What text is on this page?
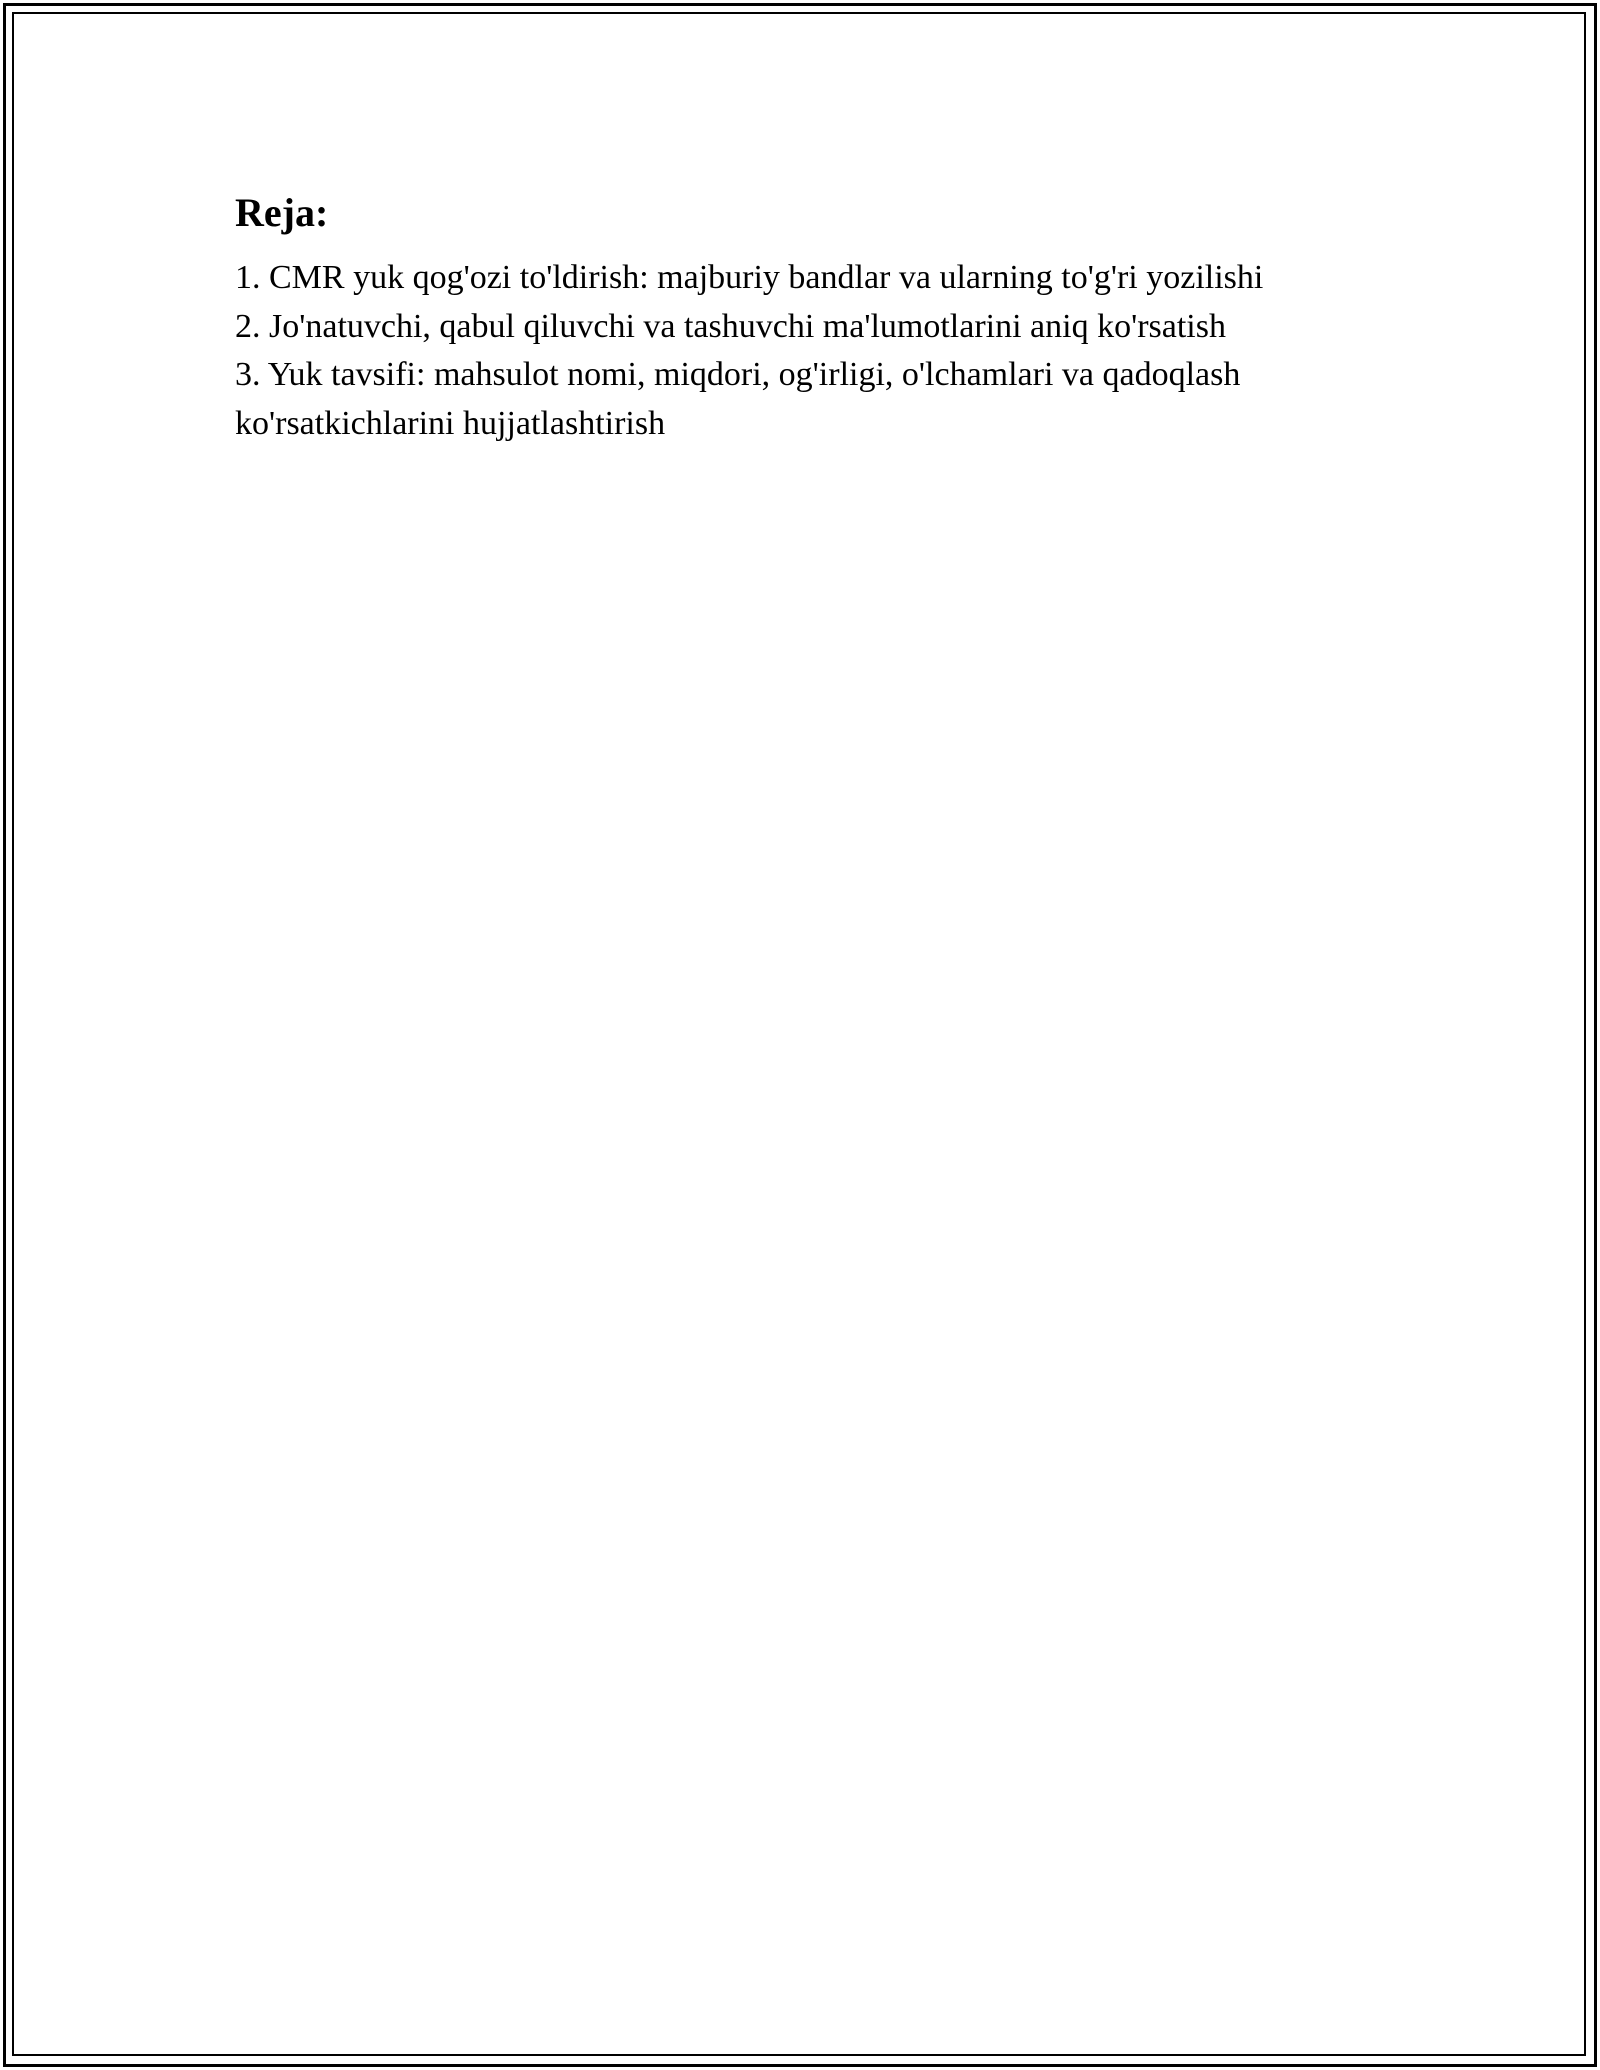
Reja:
1. CMR yuk qog'ozi to'ldirish: majburiy bandlar va ularning to'g'ri yozilishi
2. Jo'natuvchi, qabul qiluvchi va tashuvchi ma'lumotlarini aniq ko'rsatish
3. Yuk tavsifi: mahsulot nomi, miqdori, og'irligi, o'lchamlari va qadoqlash ko'rsatkichlarini hujjatlashtirish
